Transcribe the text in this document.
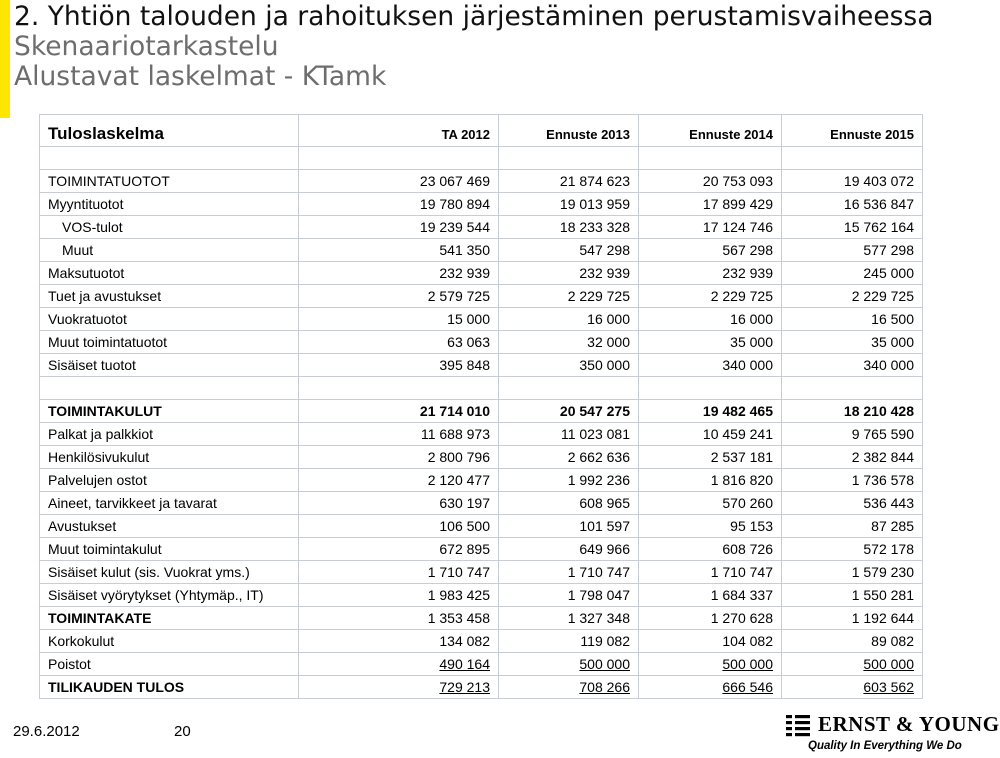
2. Yhtiön talouden ja rahoituksen järjestäminen perustamisvaiheessa
Skenaariotarkastelu
Alustavat laskelmat - KTamk
Tuloslaskelma	TA 2012	Ennuste 2013	Ennuste 2014	Ennuste 2015

TOIMINTATUOTOT	23 067 469	21 874 623	20 753 093	19 403 072
Myyntituotot	19 780 894	19 013 959	17 899 429	16 536 847
VOS-tulot	19 239 544	18 233 328	17 124 746	15 762 164
Muut	541 350	547 298	567 298	577 298
Maksutuotot	232 939	232 939	232 939	245 000
Tuet ja avustukset	2 579 725	2 229 725	2 229 725	2 229 725
Vuokratuotot	15 000	16 000	16 000	16 500
Muut toimintatuotot	63 063	32 000	35 000	35 000
Sisäiset tuotot	395 848	350 000	340 000	340 000

TOIMINTAKULUT	21 714 010	20 547 275	19 482 465	18 210 428
Palkat ja palkkiot	11 688 973	11 023 081	10 459 241	9 765 590
Henkilösivukulut	2 800 796	2 662 636	2 537 181	2 382 844
Palvelujen ostot	2 120 477	1 992 236	1 816 820	1 736 578
Aineet, tarvikkeet ja tavarat	630 197	608 965	570 260	536 443
Avustukset	106 500	101 597	95 153	87 285
Muut toimintakulut	672 895	649 966	608 726	572 178
Sisäiset kulut (sis. Vuokrat yms.)	1 710 747	1 710 747	1 710 747	1 579 230
Sisäiset vyörytykset (Yhtymäp., IT)	1 983 425	1 798 047	1 684 337	1 550 281
TOIMINTAKATE	1 353 458	1 327 348	1 270 628	1 192 644
Korkokulut	134 082	119 082	104 082	89 082
Poistot	490 164	500 000	500 000	500 000
TILIKAUDEN TULOS	729 213	708 266	666 546	603 562
29.6.2012	20	ERNST & YOUNG
Quality In Everything We Do
